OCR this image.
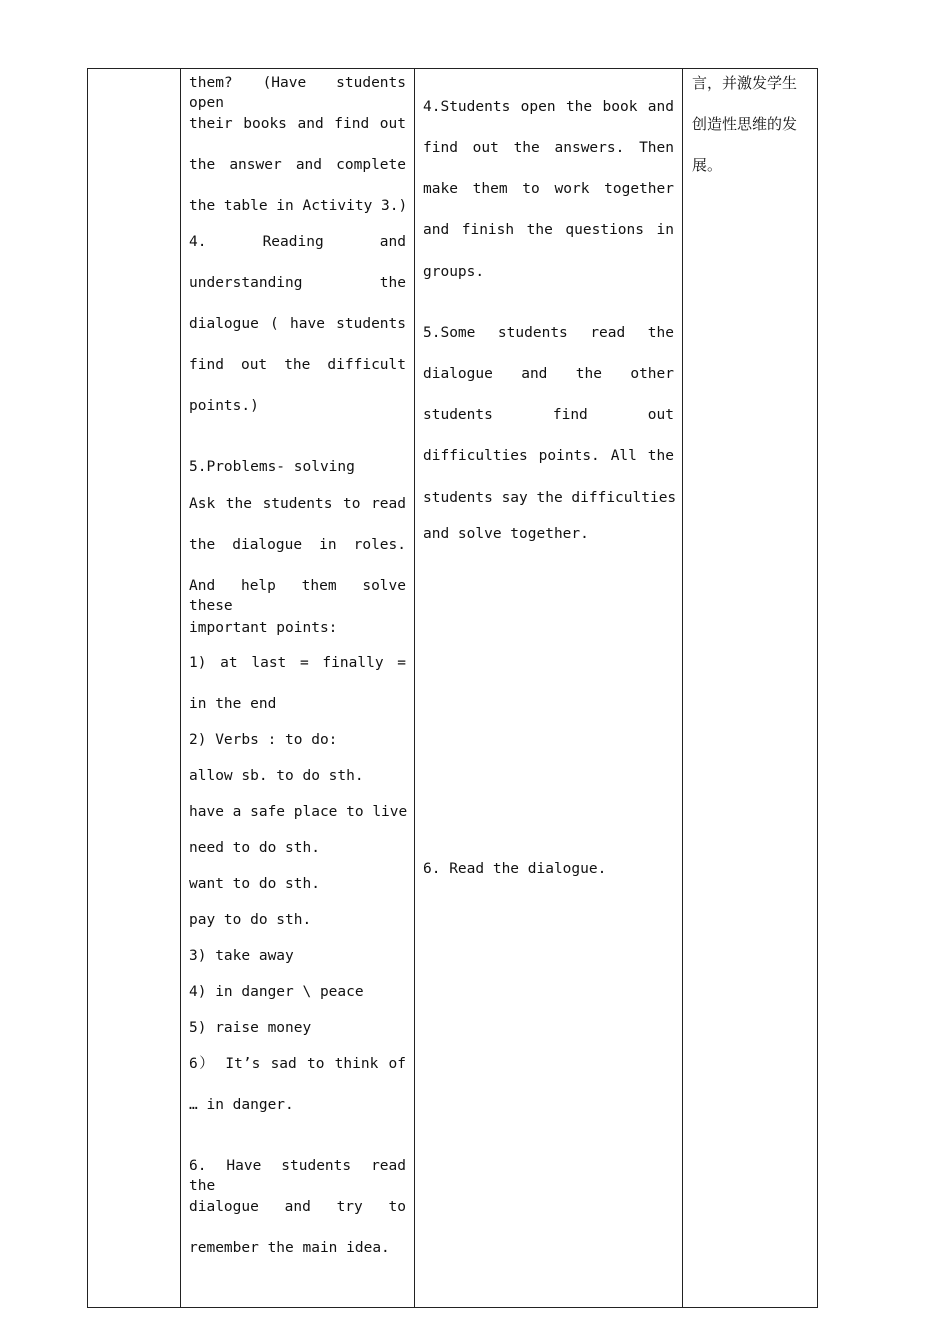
them? (Have students open
their books and find out
the answer and complete
the table in Activity 3.)
4. Reading and
understanding the
dialogue ( have students
find out the difficult
points.)
5.Problems- solving
Ask the students to read
the dialogue in roles.
And help them solve these
important points:
1) at last = finally =
in the end
2) Verbs : to do:
allow sb. to do sth.
have a safe place to live
need to do sth.
want to do sth.
pay to do sth.
3) take away
4) in danger \ peace
5) raise money
6） It’s sad to think of
… in danger.
6. Have students read the
dialogue and try to
remember the main idea.
4.Students open the book and
find out the answers. Then
make them to work together
and finish the questions in
groups.
5.Some students read the
dialogue and the other
students find out
difficulties points. All the
students say the difficulties
and solve together.
6. Read the dialogue.
言，并激发学生
创造性思维的发
展。
